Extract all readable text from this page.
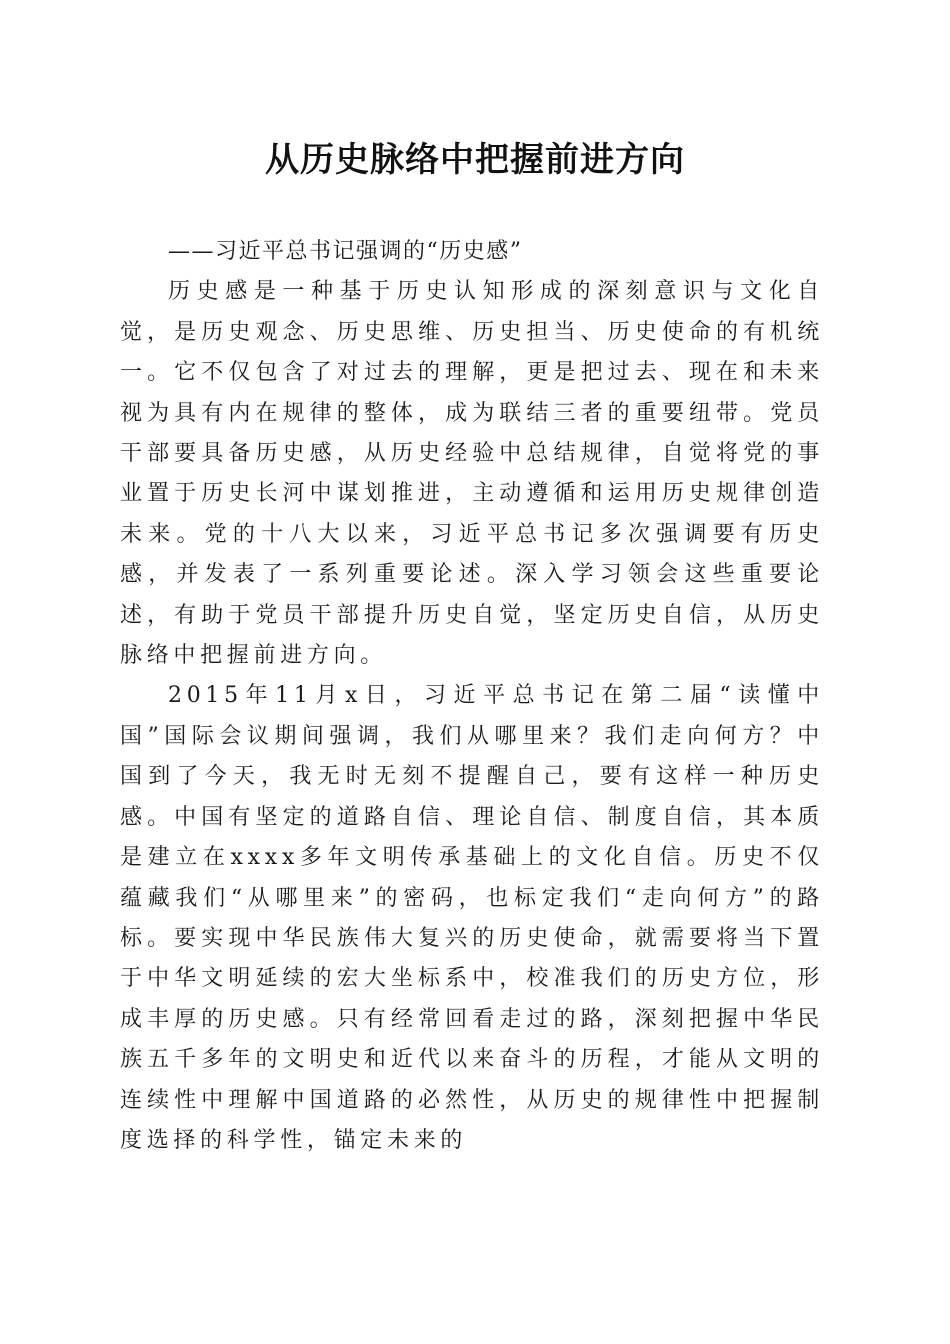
从历史脉络中把握前进方向

——习近平总书记强调的“历史感”

历史感是一种基于历史认知形成的深刻意识与文化自觉，是历史观念、历史思维、历史担当、历史使命的有机统一。它不仅包含了对过去的理解，更是把过去、现在和未来视为具有内在规律的整体，成为联结三者的重要纽带。党员干部要具备历史感，从历史经验中总结规律，自觉将党的事业置于历史长河中谋划推进，主动遵循和运用历史规律创造未来。党的十八大以来，习近平总书记多次强调要有历史感，并发表了一系列重要论述。深入学习领会这些重要论述，有助于党员干部提升历史自觉，坚定历史自信，从历史脉络中把握前进方向。

2015年11月x日，习近平总书记在第二届“读懂中国”国际会议期间强调，我们从哪里来？我们走向何方？中国到了今天，我无时无刻不提醒自己，要有这样一种历史感。中国有坚定的道路自信、理论自信、制度自信，其本质是建立在xxxx多年文明传承基础上的文化自信。历史不仅蕴藏我们“从哪里来”的密码，也标定我们“走向何方”的路标。要实现中华民族伟大复兴的历史使命，就需要将当下置于中华文明延续的宏大坐标系中，校准我们的历史方位，形成丰厚的历史感。只有经常回看走过的路，深刻把握中华民族五千多年的文明史和近代以来奋斗的历程，才能从文明的连续性中理解中国道路的必然性，从历史的规律性中把握制度选择的科学性，锚定未来的
